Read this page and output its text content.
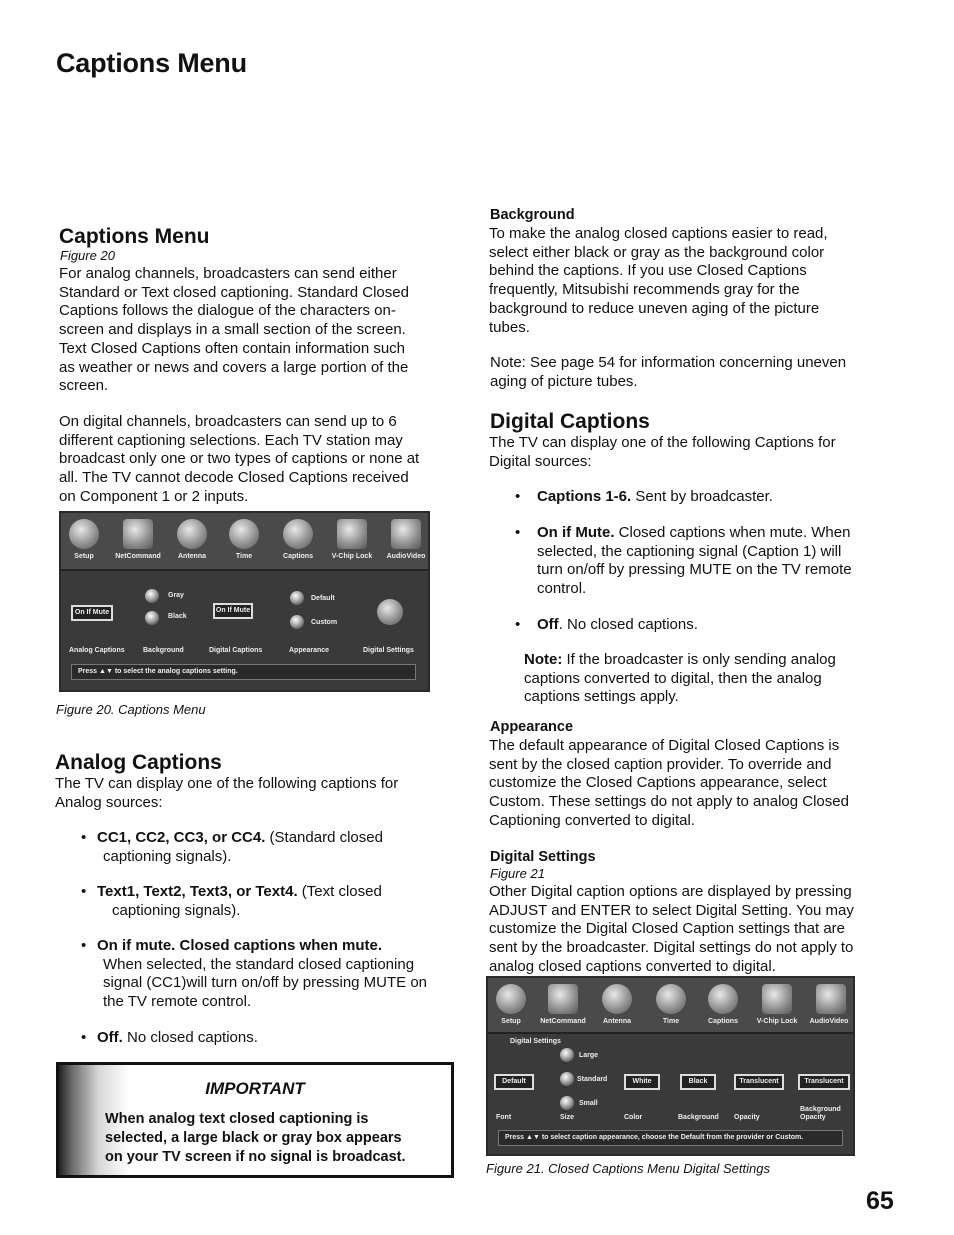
Captions Menu
Captions Menu
Figure 20

For analog channels, broadcasters can send either
Standard or Text closed captioning. Standard Closed
Captions follows the dialogue of the characters on-
screen and displays in a small section of the screen.
Text Closed Captions often contain information such
as weather or news and covers a large portion of the
screen.

On digital channels, broadcasters can send up to 6
different captioning selections. Each TV station may
broadcast only one or two types of captions or none at
all. The TV cannot decode Closed Captions received
on Component 1 or 2 inputs.

Setup	NetCommand Antenna	Time	Captions	V-Chip Lock AudioVideo
On If Mute
Gray
Black
On If Mute
Default
Custom
Analog Captions	Background	Digital Captions	Appearance	Digital Settings
Press ▲▼ to select the analog captions setting.
Figure 20. Captions Menu
Analog Captions

The TV can display one of the following captions for
Analog sources:

• CC1, CC2, CC3, or CC4. (Standard closed
captioning signals).
• Text1, Text2, Text3, or Text4. (Text closed
captioning signals).
• On if mute. Closed captions when mute.
When selected, the standard closed captioning
signal (CC1)will turn on/off by pressing MUTE on
the TV remote control.
• Off. No closed captions.
IMPORTANT
When analog text closed captioning is
selected, a large black or gray box appears
on your TV screen if no signal is broadcast.
Background

To make the analog closed captions easier to read,
select either black or gray as the background color
behind the captions. If you use Closed Captions
frequently, Mitsubishi recommends gray for the
background to reduce uneven aging of the picture
tubes.

Note: See page 54 for information concerning uneven
aging of picture tubes.

Digital Captions

The TV can display one of the following Captions for
Digital sources:

•	Captions 1-6. Sent by broadcaster.
•	On if Mute. Closed captions when mute. When
selected, the captioning signal (Caption 1) will
turn on/off by pressing MUTE on the TV remote
control.
•	Off. No closed captions.
Note: If the broadcaster is only sending analog
captions converted to digital, then the analog
captions settings apply.
Appearance

The default appearance of Digital Closed Captions is
sent by the closed caption provider. To override and
customize the Closed Captions appearance, select
Custom. These settings do not apply to analog Closed
Captioning converted to digital.

Digital Settings
Figure 21

Other Digital caption options are displayed by pressing
ADJUST and ENTER to select Digital Setting. You may
customize the Digital Closed Caption settings that are
sent by the broadcaster. Digital settings do not apply to
analog closed captions converted to digital.

Setup	NetCommand Antenna	Time	Captions	V-Chip Lock AudioVideo
Digital Settings
Default
Large
Standard
Small
White	Black	Translucent	Translucent
Font	Size	Color	Background Opacity
Background
Opacity
Press ▲▼ to select caption appearance, choose the Default from the provider or Custom.
Figure 21. Closed Captions Menu Digital Settings
65
